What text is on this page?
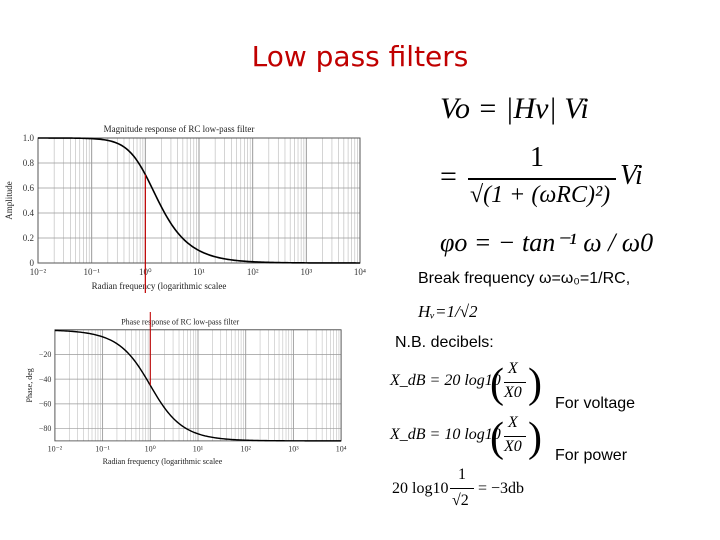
Low pass filters
10⁻²	10⁻¹	10⁰	10¹	10²	10³	10⁴
0
0.2
0.4
0.6
0.8
1.0
Magnitude response of RC low-pass filter
Radian frequency (logarithmic scalee
Amplitude
10⁻²	10⁻¹	10⁰	10¹	10²	10³	10⁴
−20
−40
−60
−80
Phase response of RC low-pass filter
Radian frequency (logarithmic scalee
Phase, deg
Vo = |Hv| Vi
=
1
√(1 + (ωRC)²)
Vi
φo = − tan⁻¹ ω / ω0
Break frequency ω=ω₀=1/RC,
Hᵥ=1/√2
N.B. decibels:
X_dB = 20 log10
( X
X0 ) For voltage
X_dB = 10 log10
( X
X0 ) For power
20 log10
1
√2
= −3db
